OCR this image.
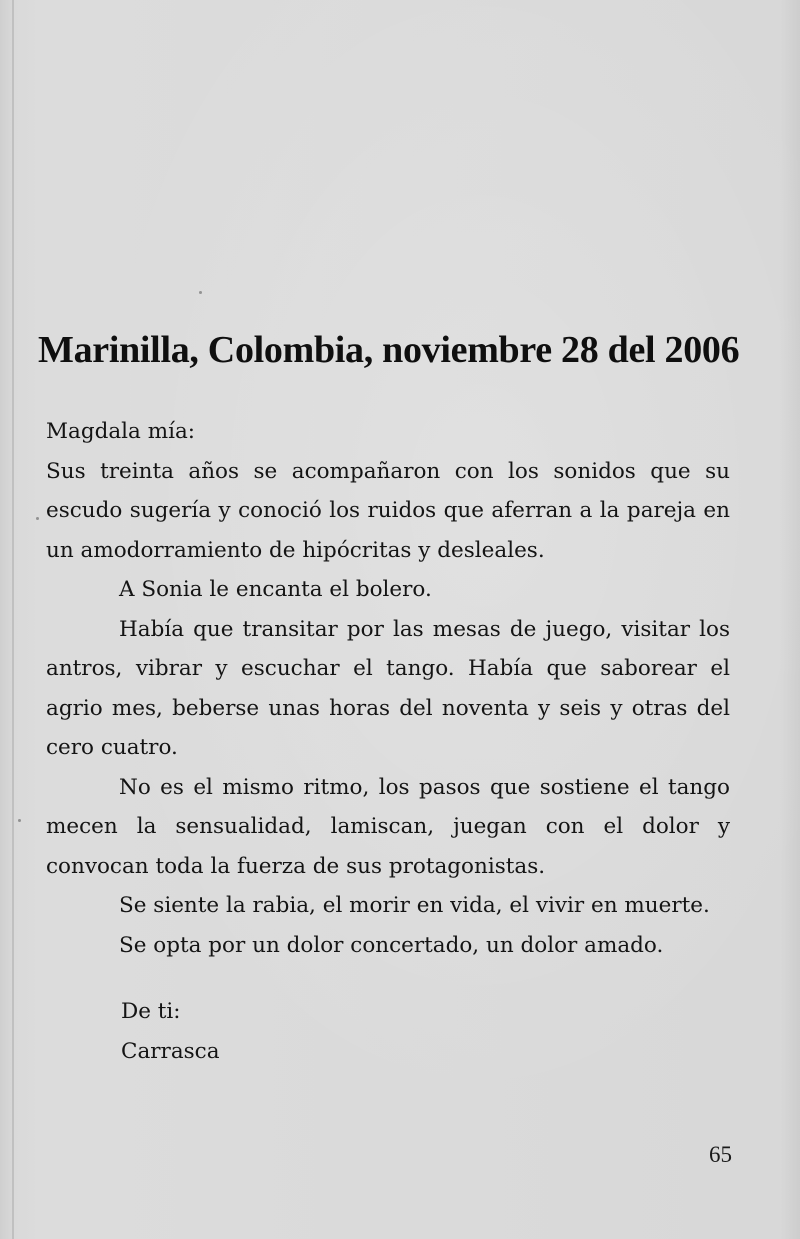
Marinilla, Colombia, noviembre 28 del 2006

Magdala mía:

Sus treinta años se acompañaron con los sonidos que su escudo sugería y conoció los ruidos que aferran a la pareja en un amodorramiento de hipócritas y desleales.

A Sonia le encanta el bolero.

Había que transitar por las mesas de juego, visitar los antros, vibrar y escuchar el tango. Había que saborear el agrio mes, beberse unas horas del noventa y seis y otras del cero cuatro.

No es el mismo ritmo, los pasos que sostiene el tango mecen la sensualidad, lamiscan, juegan con el dolor y convocan toda la fuerza de sus protagonistas.

Se siente la rabia, el morir en vida, el vivir en muerte.

Se opta por un dolor concertado, un dolor amado.

De ti:
Carrasca
65
